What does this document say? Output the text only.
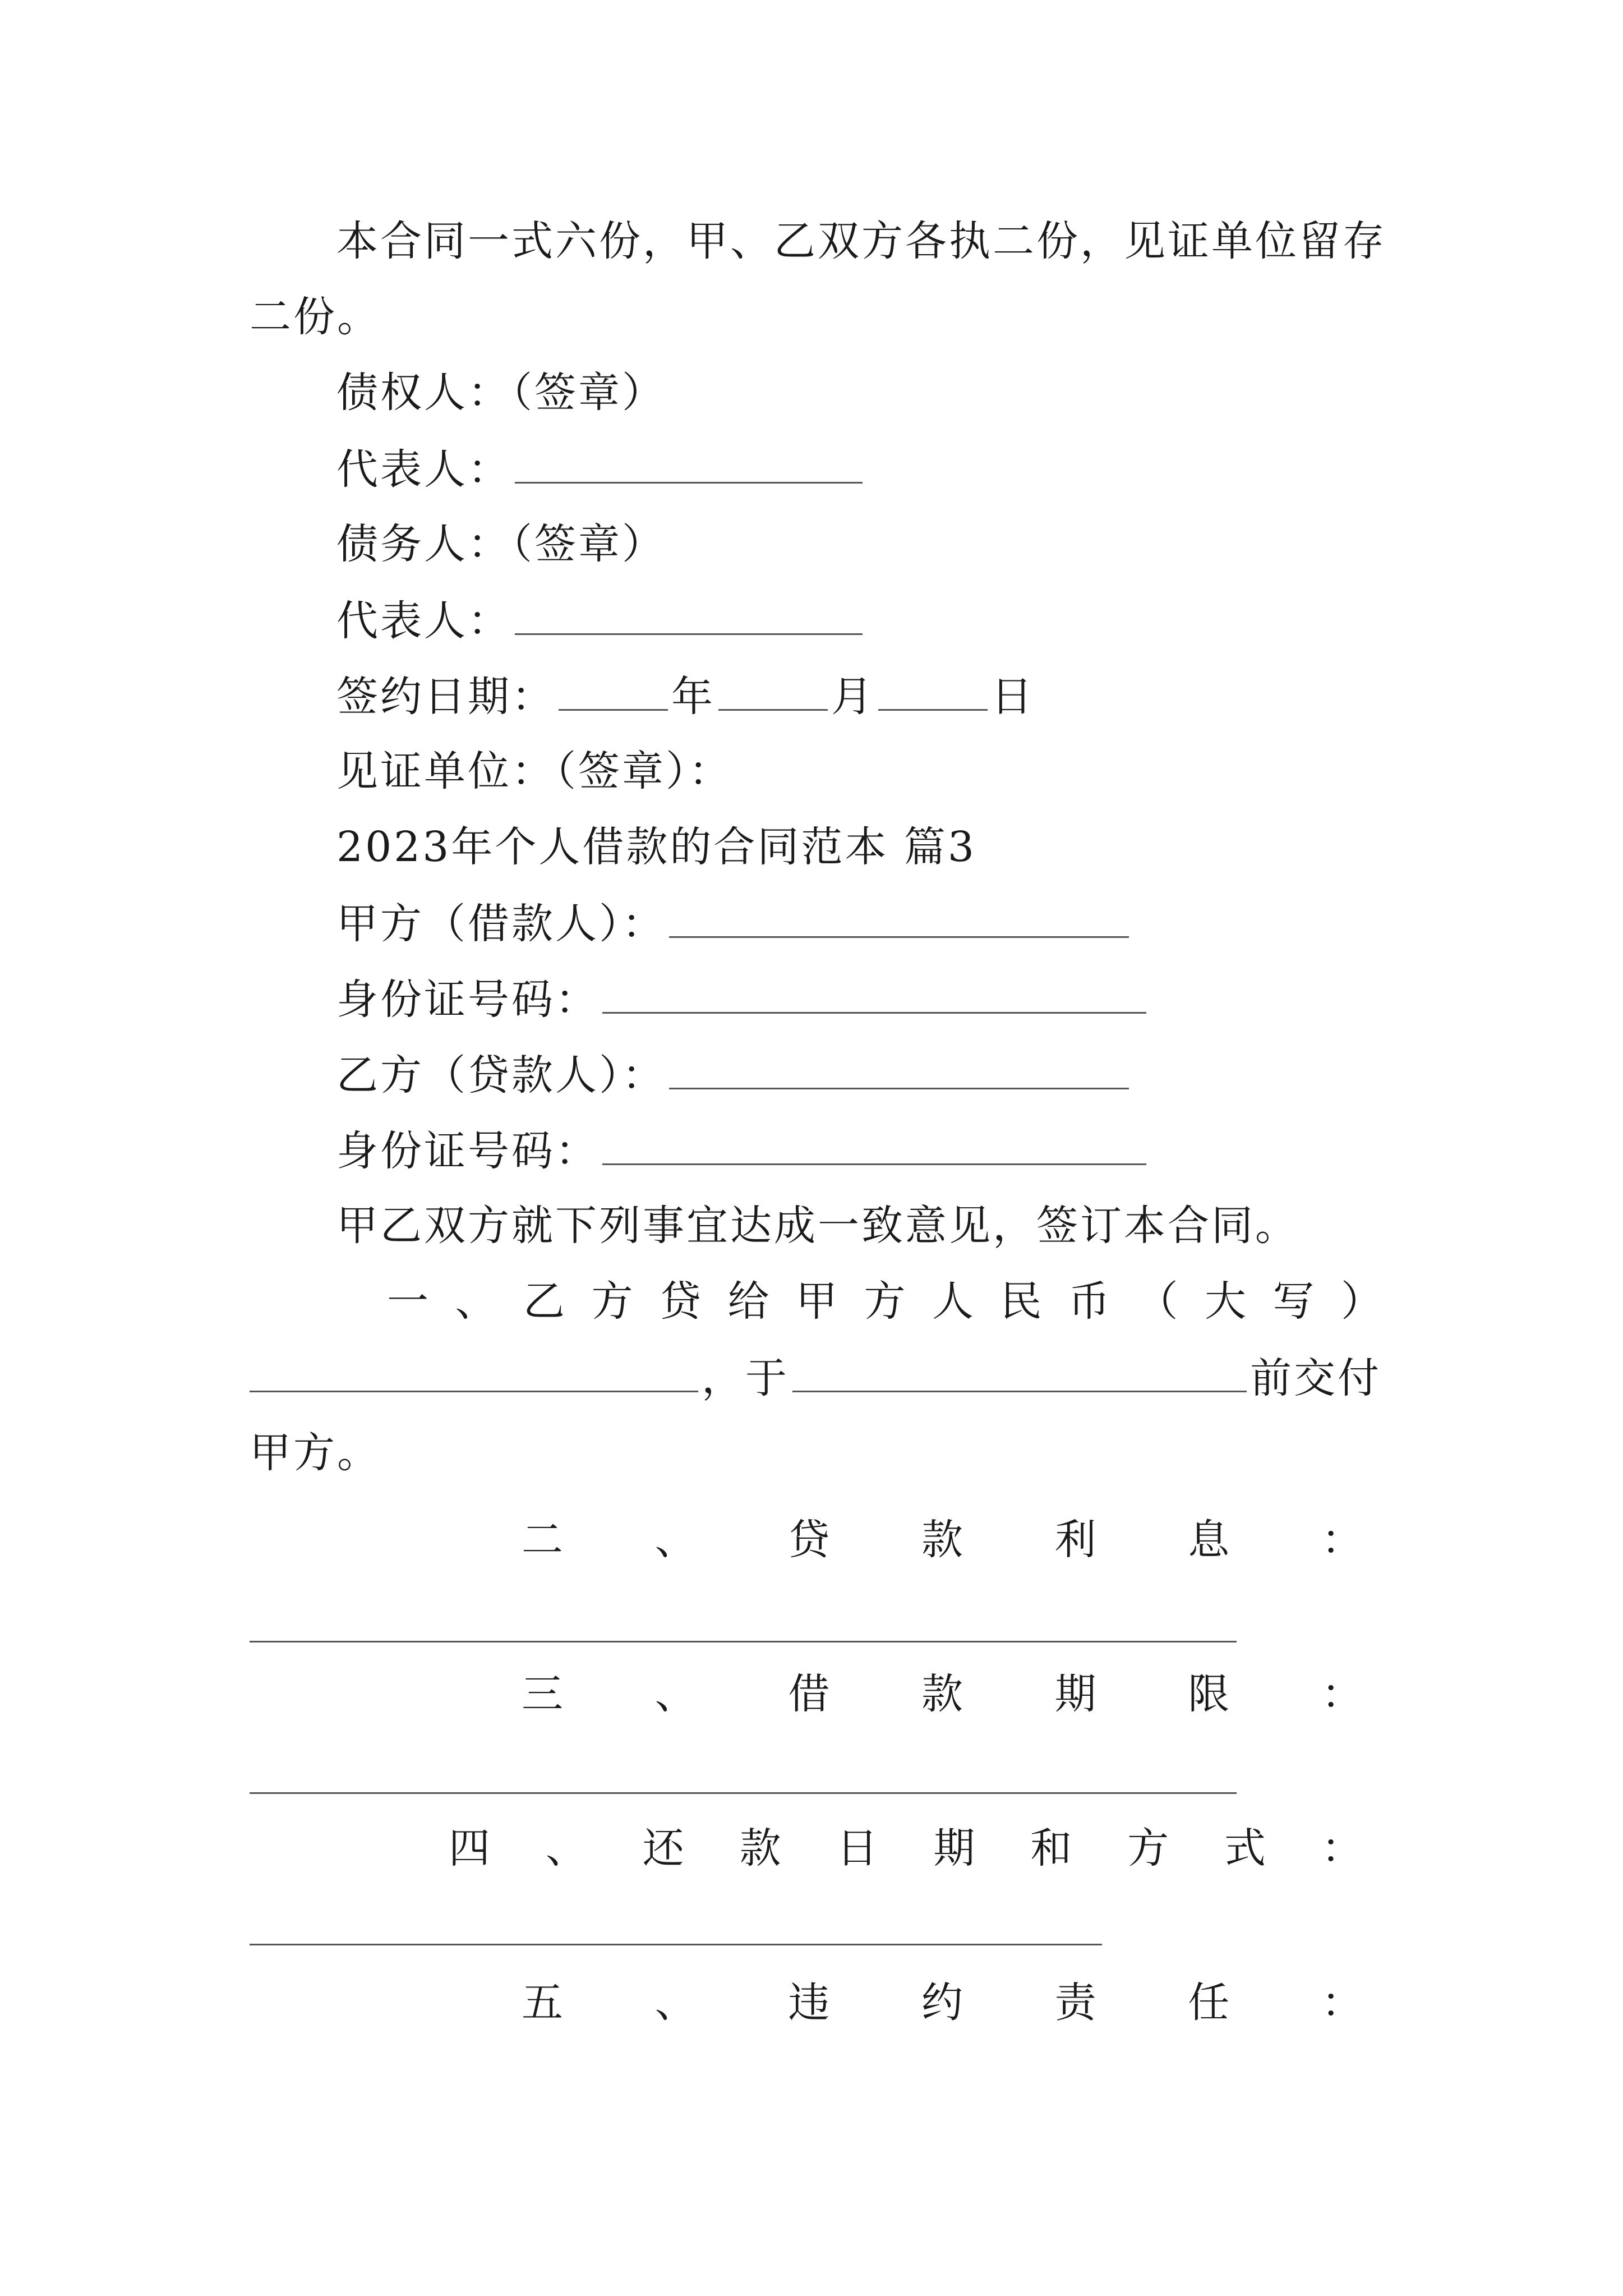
本合同一式六份，甲、乙双方各执二份，见证单位留存
二份。
债权人：（签章）
代表人：
债务人：（签章）
代表人：
签约日期：	年	月	日
见证单位：（签章）：
2023年个人借款的合同范本 篇3
甲方（借款人）：
身份证号码：
乙方（贷款人）：
身份证号码：
甲乙双方就下列事宜达成一致意见，签订本合同。
一 、 乙 方 贷 给 甲 方 人 民 币 （ 大 写 ）
，于	前交付
甲方。
二 、 贷 款 利 息 ：
三 、 借 款 期 限 ：
四 、 还 款 日 期 和 方 式 ：
五 、 违 约 责 任 ：
